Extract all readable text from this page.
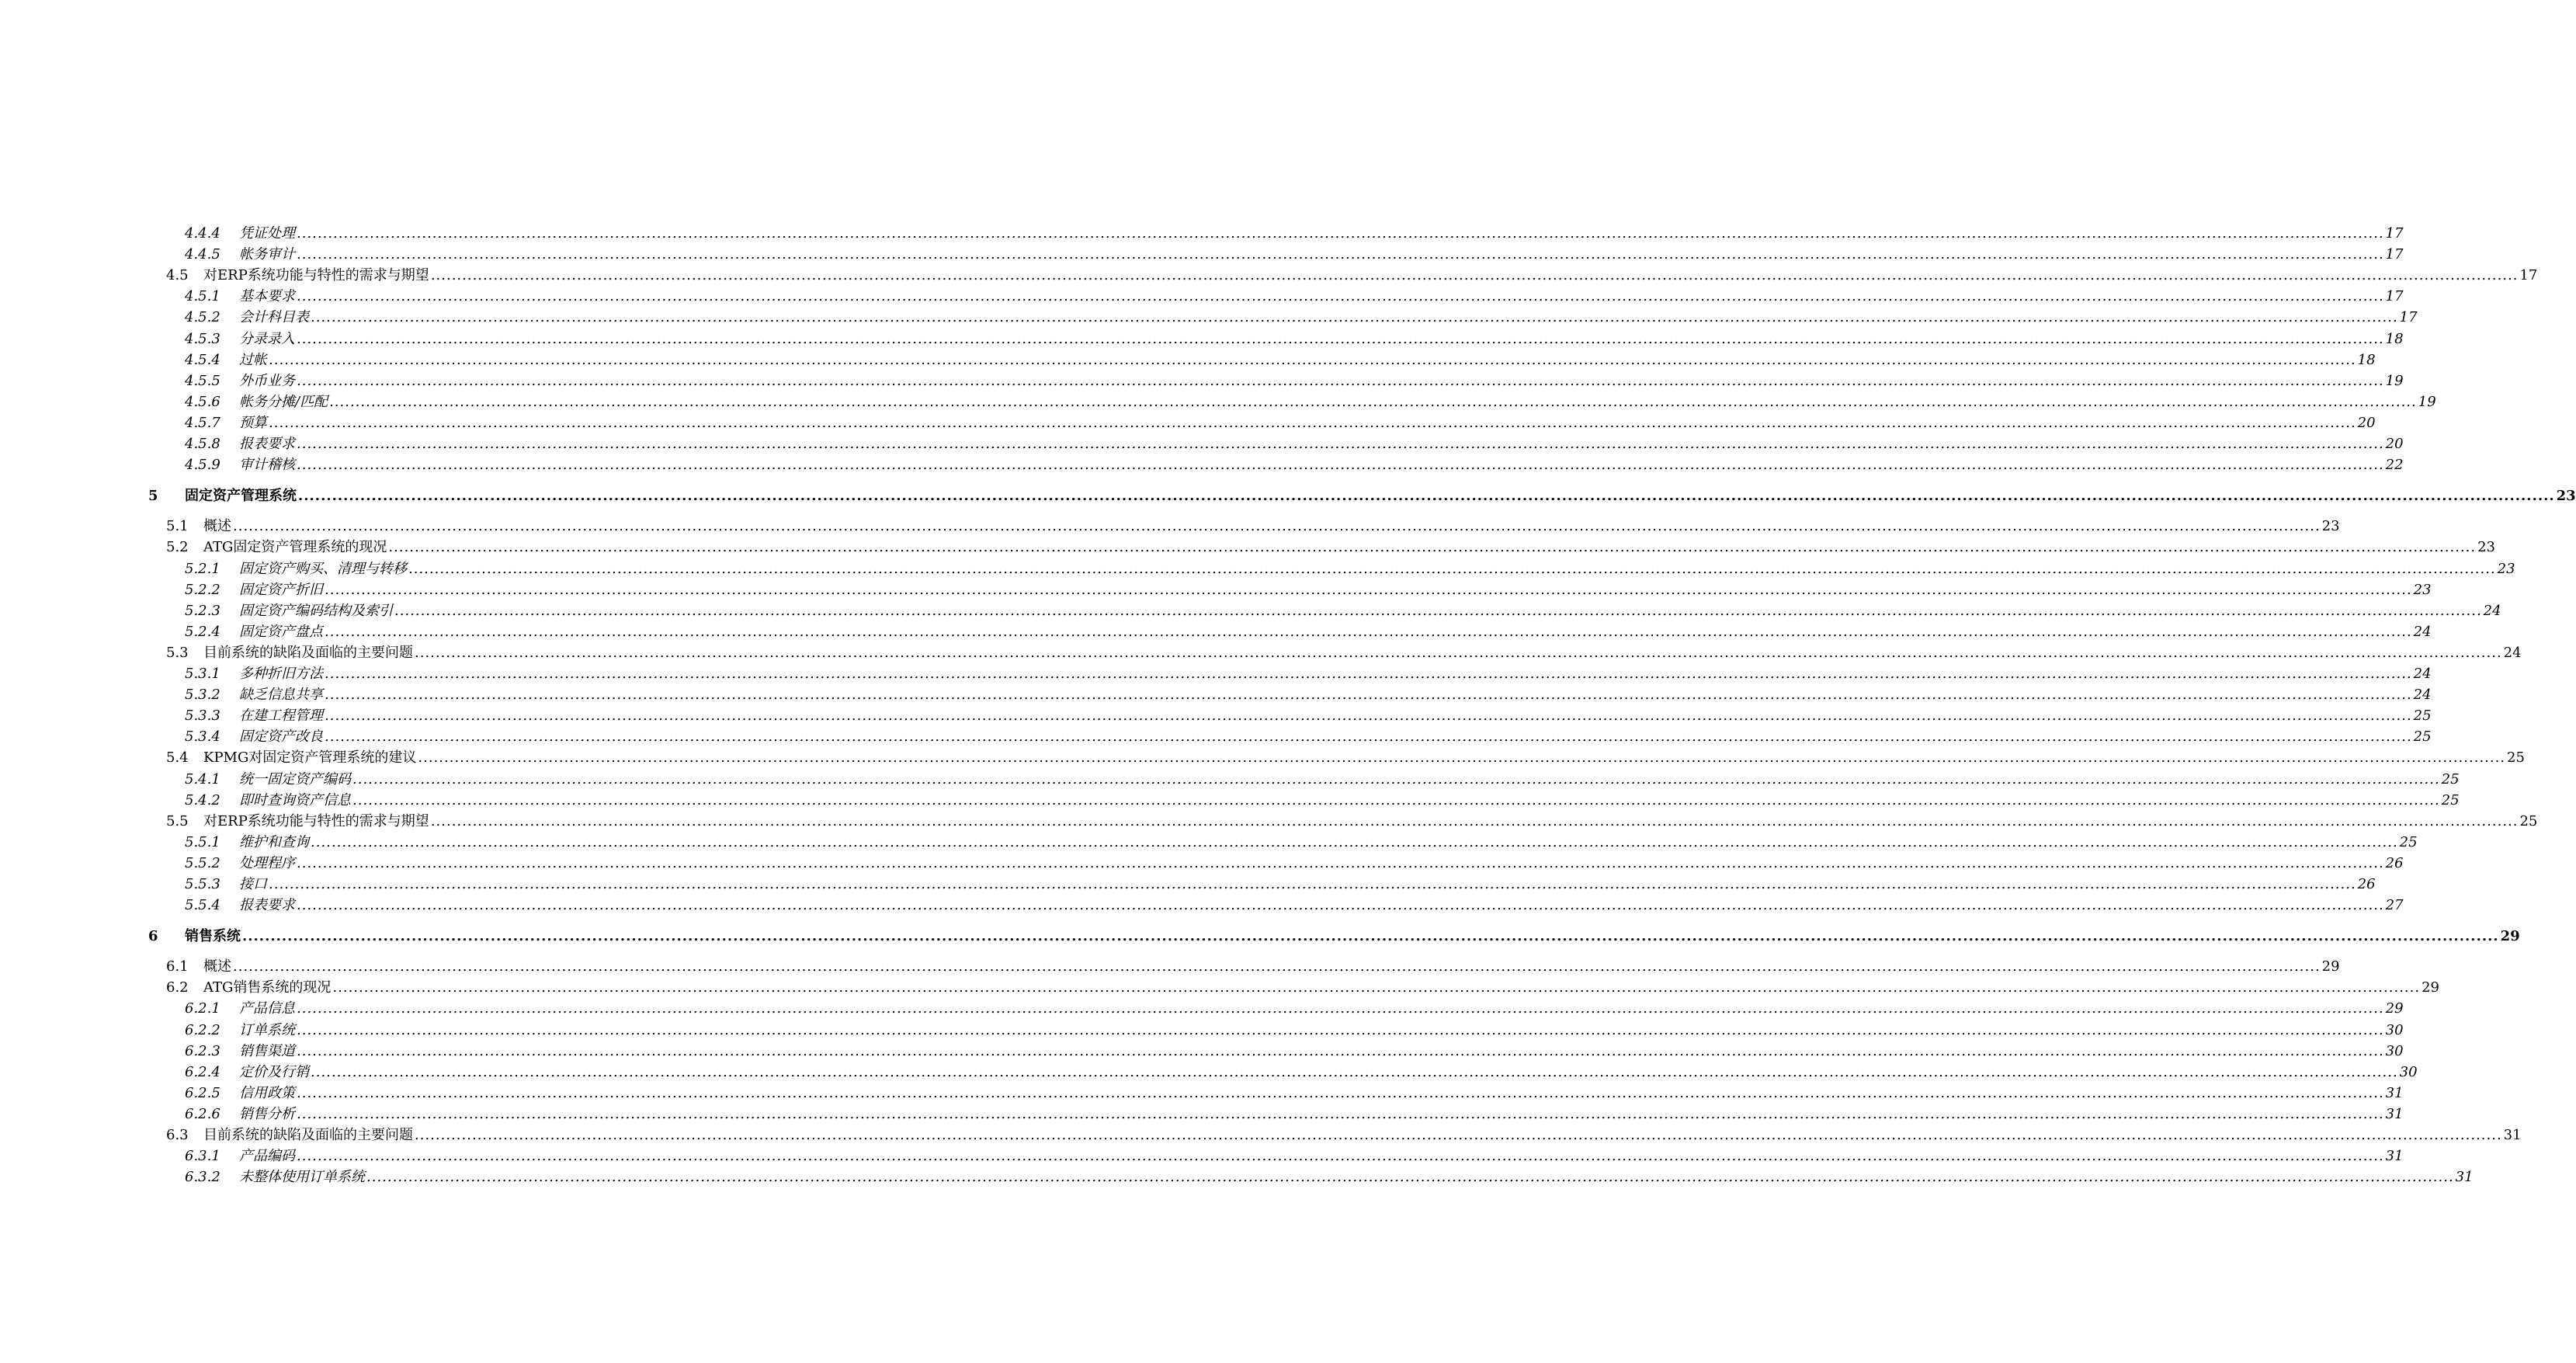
4.4.4	凭证处理 ................................................................................................................................................................................................................................................................................................................................................................................................................ 17
4.4.5	帐务审计 ................................................................................................................................................................................................................................................................................................................................................................................................................ 17
4.5	对ERP系统功能与特性的需求与期望 ................................................................................................................................................................................................................................................................................................................................................................................................................ 17
4.5.1	基本要求 ................................................................................................................................................................................................................................................................................................................................................................................................................ 17
4.5.2	会计科目表 ................................................................................................................................................................................................................................................................................................................................................................................................................ 17
4.5.3	分录录入 ................................................................................................................................................................................................................................................................................................................................................................................................................ 18
4.5.4	过帐 ................................................................................................................................................................................................................................................................................................................................................................................................................ 18
4.5.5	外币业务 ................................................................................................................................................................................................................................................................................................................................................................................................................ 19
4.5.6	帐务分摊/匹配 ................................................................................................................................................................................................................................................................................................................................................................................................................ 19
4.5.7	预算 ................................................................................................................................................................................................................................................................................................................................................................................................................ 20
4.5.8	报表要求 ................................................................................................................................................................................................................................................................................................................................................................................................................ 20
4.5.9	审计稽核 ................................................................................................................................................................................................................................................................................................................................................................................................................ 22
5	固定资产管理系统 ................................................................................................................................................................................................................................................................................................................................................................................................................ 23
5.1	概述 ................................................................................................................................................................................................................................................................................................................................................................................................................ 23
5.2	ATG固定资产管理系统的现况 ................................................................................................................................................................................................................................................................................................................................................................................................................ 23
5.2.1	固定资产购买、清理与转移 ................................................................................................................................................................................................................................................................................................................................................................................................................ 23
5.2.2	固定资产折旧 ................................................................................................................................................................................................................................................................................................................................................................................................................ 23
5.2.3	固定资产编码结构及索引 ................................................................................................................................................................................................................................................................................................................................................................................................................ 24
5.2.4	固定资产盘点 ................................................................................................................................................................................................................................................................................................................................................................................................................ 24
5.3	目前系统的缺陷及面临的主要问题 ................................................................................................................................................................................................................................................................................................................................................................................................................ 24
5.3.1	多种折旧方法 ................................................................................................................................................................................................................................................................................................................................................................................................................ 24
5.3.2	缺乏信息共享 ................................................................................................................................................................................................................................................................................................................................................................................................................ 24
5.3.3	在建工程管理 ................................................................................................................................................................................................................................................................................................................................................................................................................ 25
5.3.4	固定资产改良 ................................................................................................................................................................................................................................................................................................................................................................................................................ 25
5.4	KPMG对固定资产管理系统的建议 ................................................................................................................................................................................................................................................................................................................................................................................................................ 25
5.4.1	统一固定资产编码 ................................................................................................................................................................................................................................................................................................................................................................................................................ 25
5.4.2	即时查询资产信息 ................................................................................................................................................................................................................................................................................................................................................................................................................ 25
5.5	对ERP系统功能与特性的需求与期望 ................................................................................................................................................................................................................................................................................................................................................................................................................ 25
5.5.1	维护和查询 ................................................................................................................................................................................................................................................................................................................................................................................................................ 25
5.5.2	处理程序 ................................................................................................................................................................................................................................................................................................................................................................................................................ 26
5.5.3	接口 ................................................................................................................................................................................................................................................................................................................................................................................................................ 26
5.5.4	报表要求 ................................................................................................................................................................................................................................................................................................................................................................................................................ 27
6	销售系统 ................................................................................................................................................................................................................................................................................................................................................................................................................ 29
6.1	概述 ................................................................................................................................................................................................................................................................................................................................................................................................................ 29
6.2	ATG销售系统的现况 ................................................................................................................................................................................................................................................................................................................................................................................................................ 29
6.2.1	产品信息 ................................................................................................................................................................................................................................................................................................................................................................................................................ 29
6.2.2	订单系统 ................................................................................................................................................................................................................................................................................................................................................................................................................ 30
6.2.3	销售渠道 ................................................................................................................................................................................................................................................................................................................................................................................................................ 30
6.2.4	定价及行销 ................................................................................................................................................................................................................................................................................................................................................................................................................ 30
6.2.5	信用政策 ................................................................................................................................................................................................................................................................................................................................................................................................................ 31
6.2.6	销售分析 ................................................................................................................................................................................................................................................................................................................................................................................................................ 31
6.3	目前系统的缺陷及面临的主要问题 ................................................................................................................................................................................................................................................................................................................................................................................................................ 31
6.3.1	产品编码 ................................................................................................................................................................................................................................................................................................................................................................................................................ 31
6.3.2	未整体使用订单系统 ................................................................................................................................................................................................................................................................................................................................................................................................................ 31
